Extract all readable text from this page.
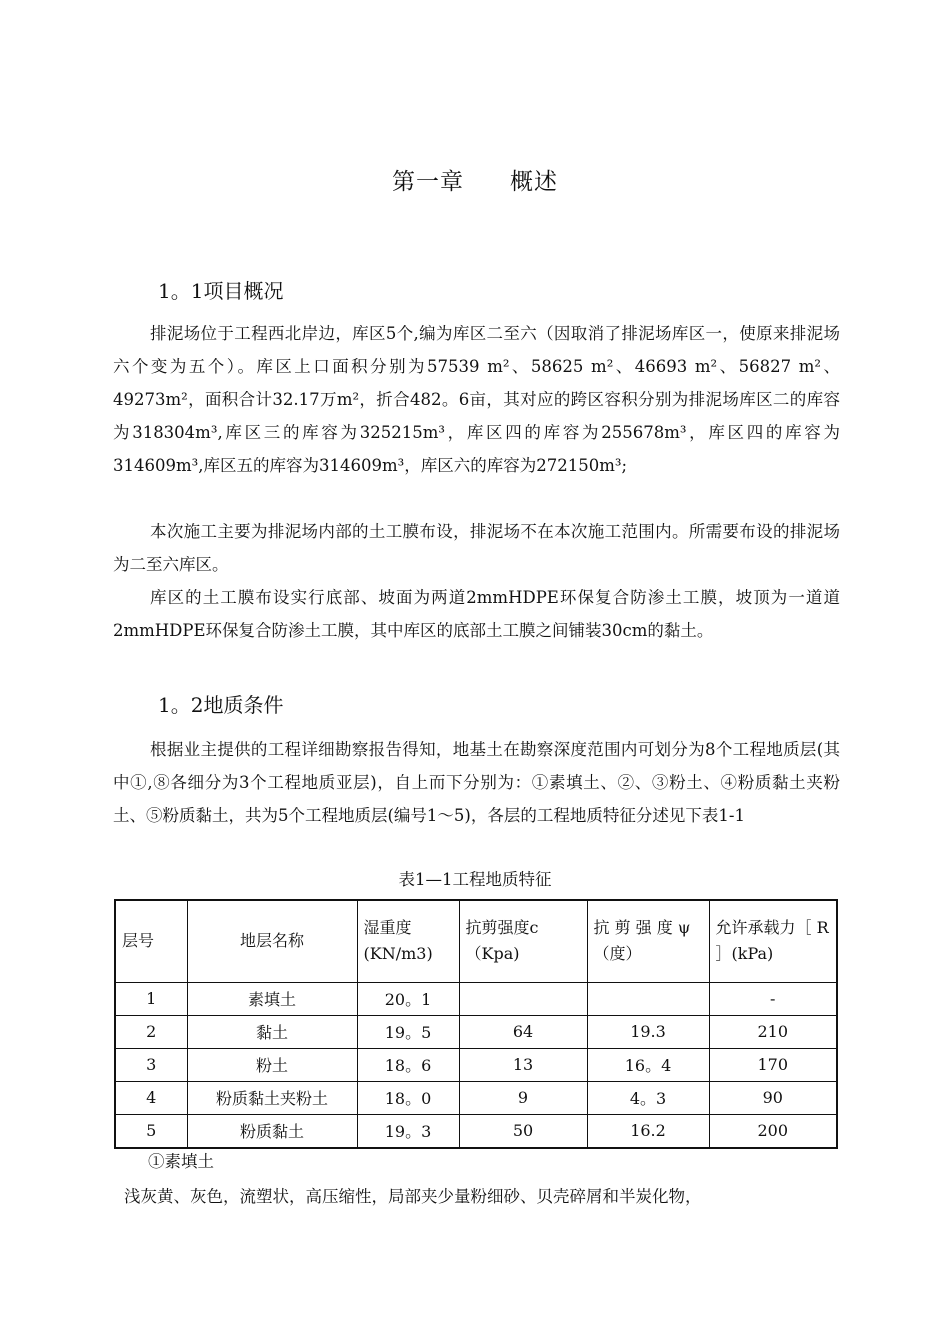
第一章 概述
1。1项目概况
排泥场位于工程西北岸边，库区5个,编为库区二至六（因取消了排泥场库区一，使原来排泥场六个变为五个）。库区上口面积分别为57539 m²、58625 m²、46693 m²、56827 m²、49273m²，面积合计32.17万m²，折合482。6亩，其对应的跨区容积分别为排泥场库区二的库容为318304m³,库区三的库容为325215m³，库区四的库容为255678m³，库区四的库容为314609m³,库区五的库容为314609m³，库区六的库容为272150m³;
本次施工主要为排泥场内部的土工膜布设，排泥场不在本次施工范围内。所需要布设的排泥场为二至六库区。
库区的土工膜布设实行底部、坡面为两道2mmHDPE环保复合防渗土工膜，坡顶为一道道2mmHDPE环保复合防渗土工膜，其中库区的底部土工膜之间铺装30cm的黏土。
1。2地质条件
根据业主提供的工程详细勘察报告得知，地基土在勘察深度范围内可划分为8个工程地质层(其中①,⑧各细分为3个工程地质亚层)，自上而下分别为：①素填土、②、③粉土、④粉质黏土夹粉土、⑤粉质黏土，共为5个工程地质层(编号1～5)，各层的工程地质特征分述见下表1-1
表1—1工程地质特征
层号	地层名称	湿重度(KN/m3)	抗剪强度c （Kpa)	抗 剪 强 度 ψ（度）	允许承载力［ R ］(kPa)
1	素填土	20。1			-
2	黏土	19。5	64	19.3	210
3	粉土	18。6	13	16。4	170
4	粉质黏土夹粉土	18。0	9	4。3	90
5	粉质黏土	19。3	50	16.2	200
①素填土
浅灰黄、灰色，流塑状，高压缩性，局部夹少量粉细砂、贝壳碎屑和半炭化物，
